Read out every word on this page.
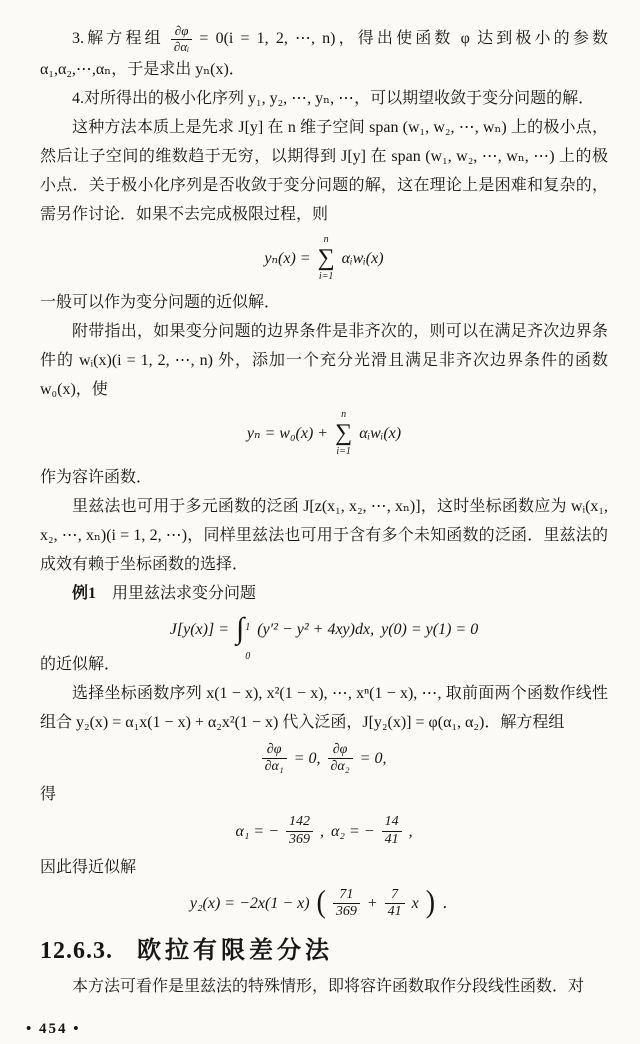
3.解方程组 $\frac{\partial\varphi}{\text{∂αᵢ}} = 0(i = 1$, 2, ⋯, n)，得出使函数 φ 达到极小的参数 α₁,α₂,⋯,αₙ，于是求出 yₙ(x)．

4.对所得出的极小化序列 y₁, y₂, ⋯, yₙ, ⋯，可以期望收敛于变分问题的解．

这种方法本质上是先求 J[y] 在 n 维子空间 span (w₁, w₂, ⋯, wₙ) 上的极小点，然后让子空间的维数趋于无穷，以期得到 J[y] 在 span (w₁, w₂, ⋯, wₙ, ⋯) 上的极小点．关于极小化序列是否收敛于变分问题的解，这在理论上是困难和复杂的，需另作讨论．如果不去完成极限过程，则

yₙ(x) =
n
∑
i=1
αᵢwᵢ(x)

一般可以作为变分问题的近似解．

附带指出，如果变分问题的边界条件是非齐次的，则可以在满足齐次边界条件的 wᵢ(x)(i = 1, 2, ⋯, n) 外，添加一个充分光滑且满足非齐次边界条件的函数 w₀(x)，使

yₙ = w₀(x) +
n
∑
i=1
αᵢwᵢ(x)

作为容许函数．

里兹法也可用于多元函数的泛函 J[z(x₁, x₂, ⋯, xₙ)]，这时坐标函数应为 wᵢ(x₁, x₂, ⋯, xₙ)(i = 1, 2, ⋯)，同样里兹法也可用于含有多个未知函数的泛函．里兹法的成效有赖于坐标函数的选择．

例1　用里兹法求变分问题

J[y(x)] = ∫ 1
0
(y′² − y² + 4xy)dx, y(0) = y(1) = 0

的近似解．

选择坐标函数序列 x(1 − x), x²(1 − x), ⋯, xⁿ(1 − x), ⋯, 取前面两个函数作线性组合 y₂(x) = α₁x(1 − x) + α₂x²(1 − x) 代入泛函，J[y₂(x)] = φ(α₁, α₂)．解方程组

$\frac{\partial\varphi}{\text{∂α₁}} = 0$, $\frac{\partial\varphi}{\text{∂α₂}} = 0$,

得

α₁ = − $\frac{142}{369}$ , α₂ = − $\frac{14}{41}$ ,

因此得近似解

y₂(x) = −2x(1 − x) ( $\frac{71}{369} + \frac{7}{41}$ x ) ．
12.6.3. 欧拉有限差分法

本方法可看作是里兹法的特殊情形，即将容许函数取作分段线性函数．对

• 454 •
